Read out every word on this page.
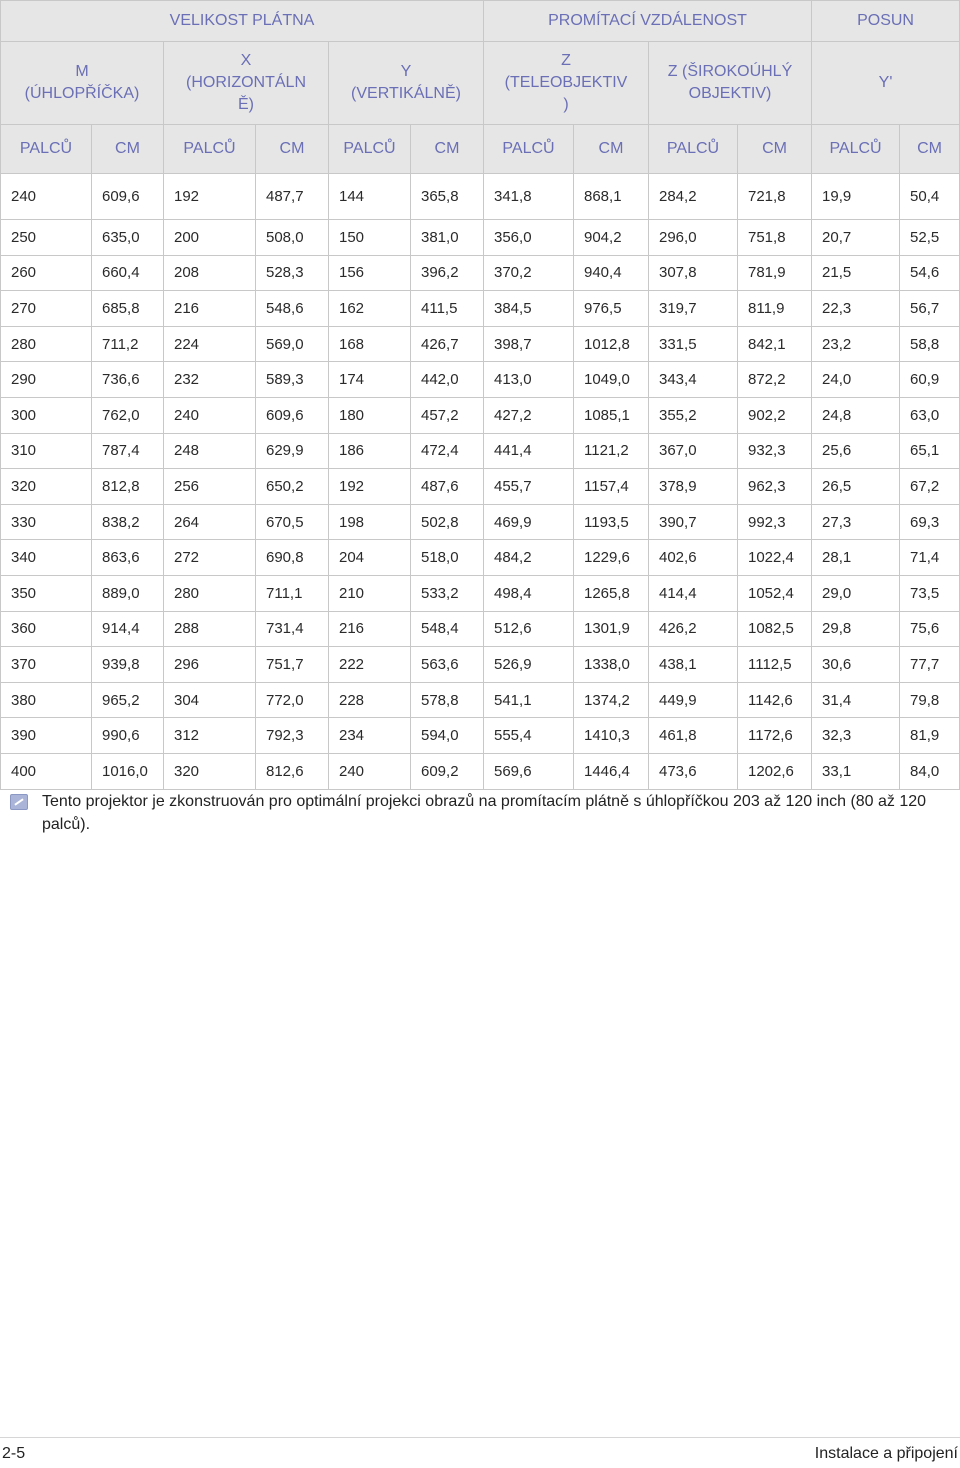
VELIKOST PLÁTNA						PROMÍTACÍ VZDÁLENOST				POSUN	
M
(ÚHLOPŘÍČKA)		X
(HORIZONTÁLN
Ě)		Y
(VERTIKÁLNĚ)		Z
(TELEOBJEKTIV
)		Z (ŠIROKOÚHLÝ
OBJEKTIV)		Y'	
PALCŮ	CM	PALCŮ	CM	PALCŮ	CM	PALCŮ	CM	PALCŮ	CM	PALCŮ	CM
240	609,6	192	487,7	144	365,8	341,8	868,1	284,2	721,8	19,9	50,4
250	635,0	200	508,0	150	381,0	356,0	904,2	296,0	751,8	20,7	52,5
260	660,4	208	528,3	156	396,2	370,2	940,4	307,8	781,9	21,5	54,6
270	685,8	216	548,6	162	411,5	384,5	976,5	319,7	811,9	22,3	56,7
280	711,2	224	569,0	168	426,7	398,7	1012,8	331,5	842,1	23,2	58,8
290	736,6	232	589,3	174	442,0	413,0	1049,0	343,4	872,2	24,0	60,9
300	762,0	240	609,6	180	457,2	427,2	1085,1	355,2	902,2	24,8	63,0
310	787,4	248	629,9	186	472,4	441,4	1121,2	367,0	932,3	25,6	65,1
320	812,8	256	650,2	192	487,6	455,7	1157,4	378,9	962,3	26,5	67,2
330	838,2	264	670,5	198	502,8	469,9	1193,5	390,7	992,3	27,3	69,3
340	863,6	272	690,8	204	518,0	484,2	1229,6	402,6	1022,4	28,1	71,4
350	889,0	280	711,1	210	533,2	498,4	1265,8	414,4	1052,4	29,0	73,5
360	914,4	288	731,4	216	548,4	512,6	1301,9	426,2	1082,5	29,8	75,6
370	939,8	296	751,7	222	563,6	526,9	1338,0	438,1	1112,5	30,6	77,7
380	965,2	304	772,0	228	578,8	541,1	1374,2	449,9	1142,6	31,4	79,8
390	990,6	312	792,3	234	594,0	555,4	1410,3	461,8	1172,6	32,3	81,9
400	1016,0	320	812,6	240	609,2	569,6	1446,4	473,6	1202,6	33,1	84,0
Tento projektor je zkonstruován pro optimální projekci obrazů na promítacím plátně s úhlopříčkou 203 až 120 inch (80 až 120 palců).
2-5	Instalace a připojení
